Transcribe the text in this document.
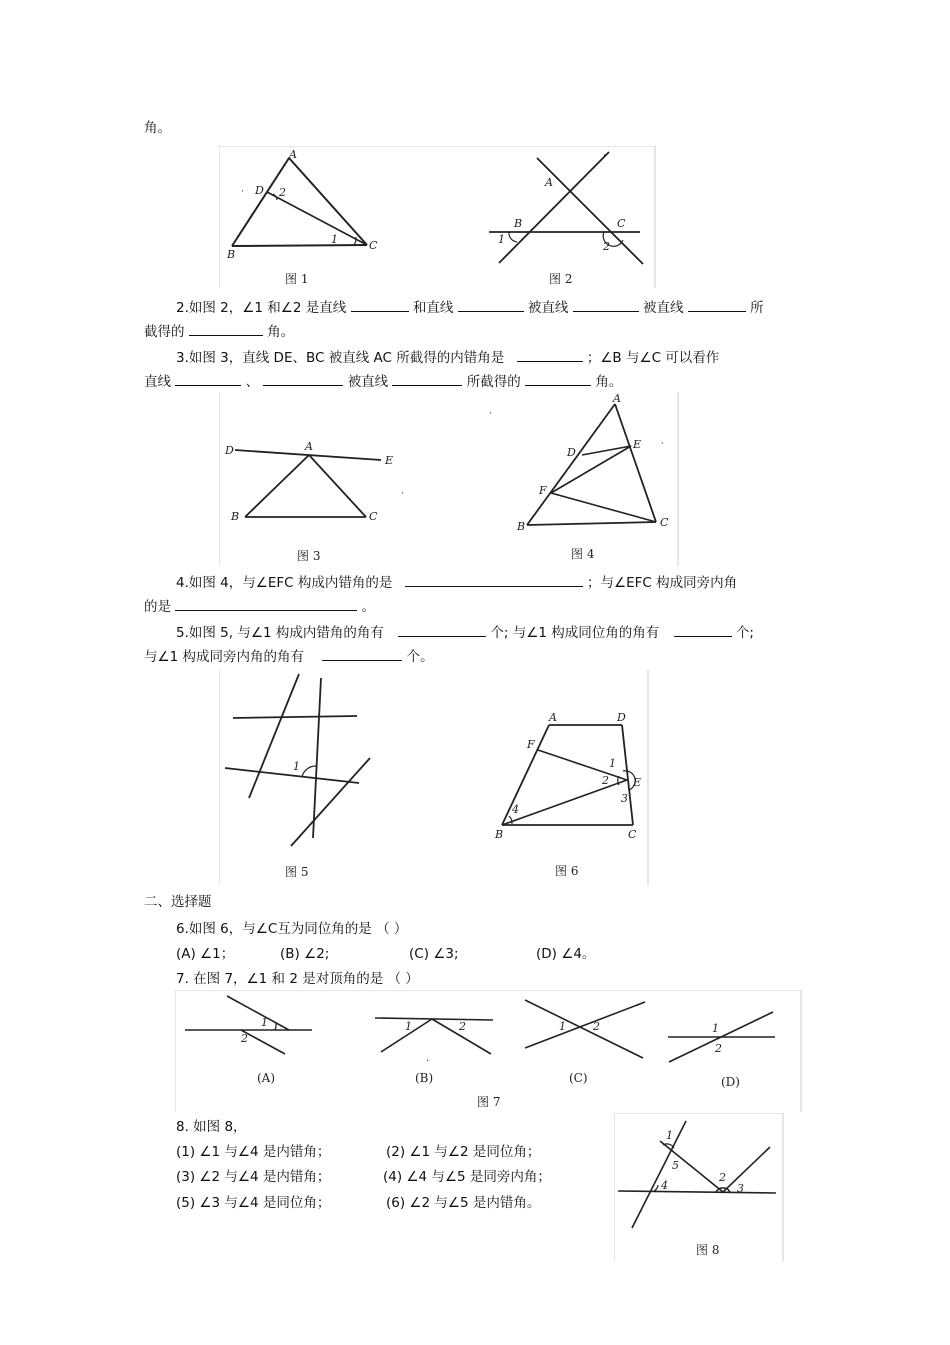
角。
A
B
C
D
1
2
·
图 1
A
B	C
1
2
·
图 2
2.如图 2，∠1 和∠2 是直线	和直线	被直线	被直线	所
截得的	角。
3.如图 3，直线 DE、BC 被直线 AC 所截得的内错角是	；∠B 与∠C 可以看作
直线	、	被直线	所截得的	角。
D	A
E
B	C
·
·
图 3
A
D
E
F
B	C
·
图 4
4.如图 4，与∠EFC 构成内错角的是	；与∠EFC 构成同旁内角
的是	。
5.如图 5, 与∠1 构成内错角的角有	个; 与∠1 构成同位角的角有	个;
与∠1 构成同旁内角的角有	个。
1
图 5
A	D
F
E
B	C
1
2
3
4
图 6
二、选择题
6.如图 6，与∠C互为同位角的是 （ ）
(A) ∠1；	(B) ∠2;	(C) ∠3;	(D) ∠4。
7. 在图 7，∠1 和 2 是对顶角的是 （ ）
1
2
(A)
1	2
·
(B)
1 2
(C)
1
2
(D)
图 7
8. 如图 8，
(1) ∠1 与∠4 是内错角；	(2) ∠1 与∠2 是同位角；
(3) ∠2 与∠4 是内错角；	(4) ∠4 与∠5 是同旁内角；
(5) ∠3 与∠4 是同位角；	(6) ∠2 与∠5 是内错角。
1
2
3
4
5
图 8
